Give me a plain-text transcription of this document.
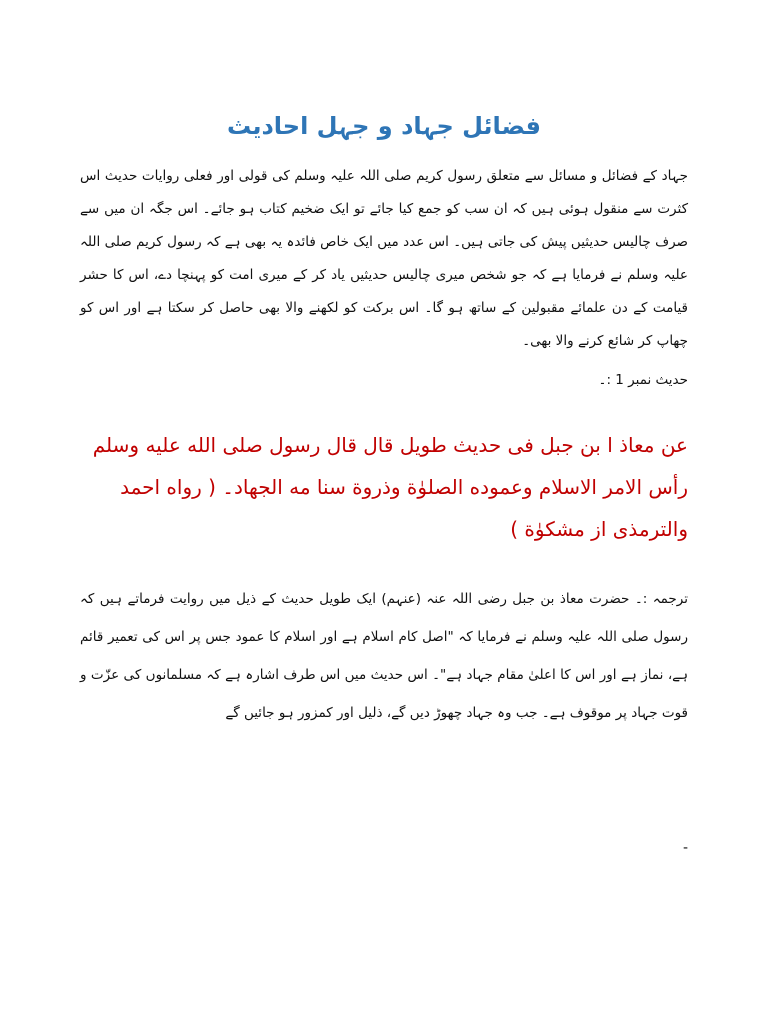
فضائل جہاد و جہل احادیث
جہاد کے فضائل و مسائل سے متعلق رسول کریم صلی اللہ علیہ وسلم کی قولی اور فعلی روایات حدیث اس کثرت سے منقول ہوئی ہیں کہ ان سب کو جمع کیا جائے تو ایک ضخیم کتاب ہو جائے۔ اس جگہ ان میں سے صرف چالیس حدیثیں پیش کی جاتی ہیں۔ اس عدد میں ایک خاص فائدہ یہ بھی ہے کہ رسول کریم صلی اللہ علیہ وسلم نے فرمایا ہے کہ جو شخص میری چالیس حدیثیں یاد کر کے میری امت کو پہنچا دے، اس کا حشر قیامت کے دن علمائے مقبولین کے ساتھ ہو گا۔ اس برکت کو لکھنے والا بھی حاصل کر سکتا ہے اور اس کو چھاپ کر شائع کرنے والا بھی۔
حدیث نمبر 1 :۔
عن معاذ ا بن جبل فی حديث طويل قال قال رسول صلی الله عليه وسلم رأس الامر الاسلام وعموده الصلوٰة وذروة سنا مه الجهاد۔ ( رواه احمد والترمذی از مشكوٰة )
ترجمہ :۔ حضرت معاذ بن جبل رضی اللہ عنہ (عنہم) ایک طویل حدیث کے ذیل میں روایت فرماتے ہیں کہ رسول صلی اللہ علیہ وسلم نے فرمایا کہ "اصل کام اسلام ہے اور اسلام کا عمود جس پر اس کی تعمیر قائم ہے، نماز ہے اور اس کا اعلیٰ مقام جہاد ہے"۔ اس حدیث میں اس طرف اشارہ ہے کہ مسلمانوں کی عزّت و قوت جہاد پر موقوف ہے۔ جب وہ جہاد چھوڑ دیں گے، ذلیل اور کمزور ہو جائیں گے
-
